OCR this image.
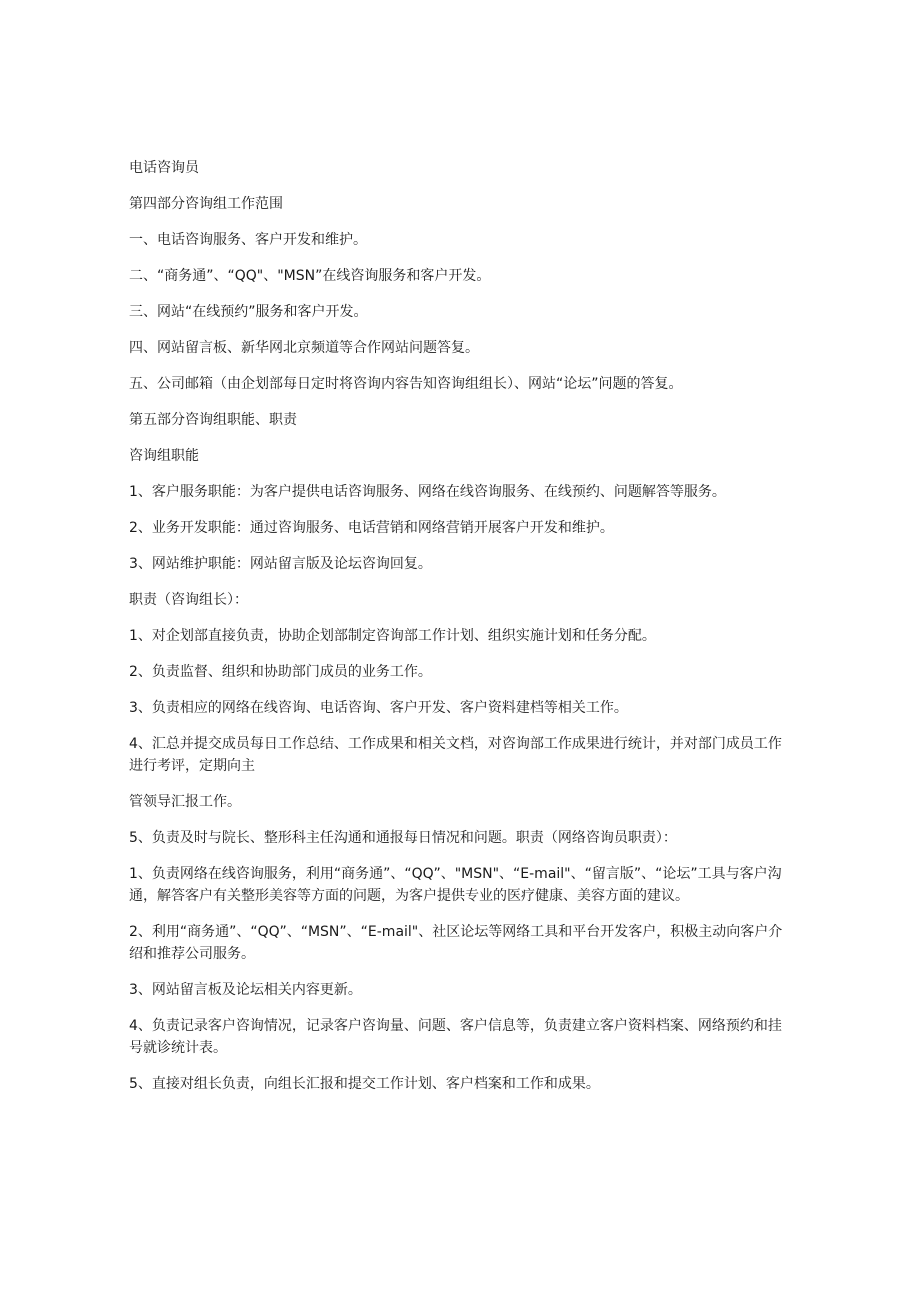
电话咨询员

第四部分咨询组工作范围

一、电话咨询服务、客户开发和维护。

二、“商务通”、“QQ"、"MSN”在线咨询服务和客户开发。

三、网站“在线预约”服务和客户开发。

四、网站留言板、新华网北京频道等合作网站问题答复。

五、公司邮箱（由企划部每日定时将咨询内容告知咨询组组长）、网站“论坛”问题的答复。

第五部分咨询组职能、职责

咨询组职能

1、客户服务职能：为客户提供电话咨询服务、网络在线咨询服务、在线预约、问题解答等服务。

2、业务开发职能：通过咨询服务、电话营销和网络营销开展客户开发和维护。

3、网站维护职能：网站留言版及论坛咨询回复。

职责（咨询组长）：

1、对企划部直接负责，协助企划部制定咨询部工作计划、组织实施计划和任务分配。

2、负责监督、组织和协助部门成员的业务工作。

3、负责相应的网络在线咨询、电话咨询、客户开发、客户资料建档等相关工作。

4、汇总并提交成员每日工作总结、工作成果和相关文档，对咨询部工作成果进行统计，并对部门成员工作进行考评，定期向主

管领导汇报工作。

5、负责及时与院长、整形科主任沟通和通报每日情况和问题。职责（网络咨询员职责）：

1、负责网络在线咨询服务，利用“商务通”、“QQ”、"MSN"、“E-mail"、“留言版”、“论坛”工具与客户沟通，解答客户有关整形美容等方面的问题，为客户提供专业的医疗健康、美容方面的建议。

2、利用“商务通”、“QQ”、“MSN”、“E-mail"、社区论坛等网络工具和平台开发客户，积极主动向客户介绍和推荐公司服务。

3、网站留言板及论坛相关内容更新。

4、负责记录客户咨询情况，记录客户咨询量、问题、客户信息等，负责建立客户资料档案、网络预约和挂号就诊统计表。

5、直接对组长负责，向组长汇报和提交工作计划、客户档案和工作和成果。
